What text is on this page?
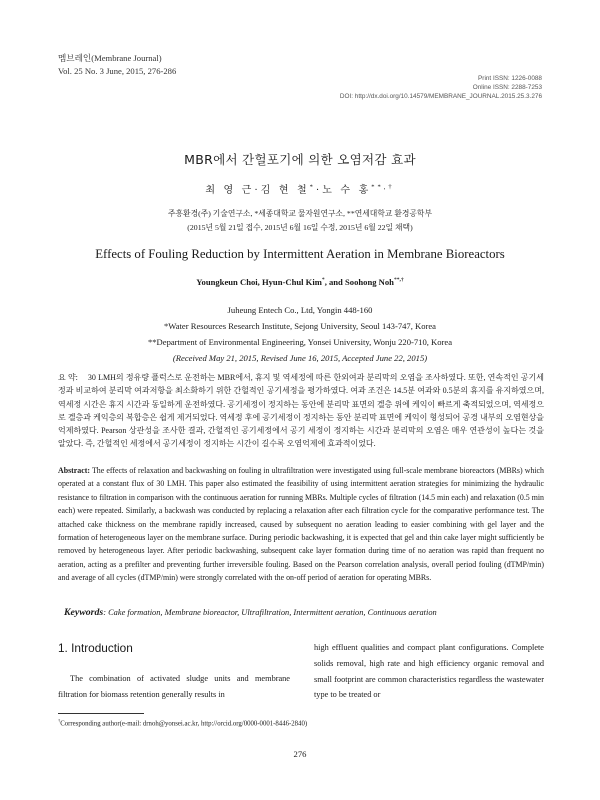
멤브레인(Membrane Journal)
Vol. 25 No. 3 June, 2015, 276-286
Print ISSN: 1226-0088
Online ISSN: 2288-7253
DOI: http://dx.doi.org/10.14579/MEMBRANE_JOURNAL.2015.25.3.276
MBR에서 간헐포기에 의한 오염저감 효과
최 영 근·김 현 철*·노 수 홍**,†
주흥환경(주) 기술연구소, *세종대학교 물자원연구소, **연세대학교 환경공학부
(2015년 5월 21일 접수, 2015년 6월 16일 수정, 2015년 6월 22일 채택)
Effects of Fouling Reduction by Intermittent Aeration in Membrane Bioreactors
Youngkeun Choi, Hyun-Chul Kim*, and Soohong Noh**,†
Juheung Entech Co., Ltd, Yongin 448-160
*Water Resources Research Institute, Sejong University, Seoul 143-747, Korea
**Department of Environmental Engineering, Yonsei University, Wonju 220-710, Korea
(Received May 21, 2015, Revised June 16, 2015, Accepted June 22, 2015)
요 약: 30 LMH의 정유량 플럭스로 운전하는 MBR에서, 휴지 및 역세정에 따른 한외여과 분리막의 오염을 조사하였다. 또한, 연속적인 공기세정과 비교하여 분리막 여과저항을 최소화하기 위한 간헐적인 공기세정을 평가하였다. 여과 조건은 14.5분 여과와 0.5분의 휴지를 유지하였으며, 역세정 시간은 휴지 시간과 동일하게 운전하였다. 공기세정이 정지하는 동안에 분리막 표면의 겔층 위에 케익이 빠르게 축적되었으며, 역세정으로 겔층과 케익층의 복합층은 쉽게 제거되었다. 역세정 후에 공기세정이 정지하는 동안 분리막 표면에 케익이 형성되어 공경 내부의 오염현상을 억제하였다. Pearson 상관성을 조사한 결과, 간헐적인 공기세정에서 공기 세정이 정지하는 시간과 분리막의 오염은 매우 연관성이 높다는 것을 알았다. 즉, 간헐적인 세정에서 공기세정이 정지하는 시간이 길수록 오염억제에 효과적이었다.
Abstract: The effects of relaxation and backwashing on fouling in ultrafiltration were investigated using full-scale membrane bioreactors (MBRs) which operated at a constant flux of 30 LMH. This paper also estimated the feasibility of using intermittent aeration strategies for minimizing the hydraulic resistance to filtration in comparison with the continuous aeration for running MBRs. Multiple cycles of filtration (14.5 min each) and relaxation (0.5 min each) were repeated. Similarly, a backwash was conducted by replacing a relaxation after each filtration cycle for the comparative performance test. The attached cake thickness on the membrane rapidly increased, caused by subsequent no aeration leading to easier combining with gel layer and the formation of heterogeneous layer on the membrane surface. During periodic backwashing, it is expected that gel and thin cake layer might sufficiently be removed by heterogeneous layer. After periodic backwashing, subsequent cake layer formation during time of no aeration was rapid than frequent no aeration, acting as a prefilter and preventing further irreversible fouling. Based on the Pearson correlation analysis, overall period fouling (dTMP/min) and average of all cycles (dTMP/min) were strongly correlated with the on-off period of aeration for operating MBRs.
Keywords: Cake formation, Membrane bioreactor, Ultrafiltration, Intermittent aeration, Continuous aeration
1. Introduction
The combination of activated sludge units and membrane filtration for biomass retention generally results in
high effluent qualities and compact plant configurations. Complete solids removal, high rate and high efficiency organic removal and small footprint are common characteristics regardless the wastewater type to be treated or
†Corresponding author(e-mail: drnoh@yonsei.ac.kr, http://orcid.org/0000-0001-8446-2840)
276
